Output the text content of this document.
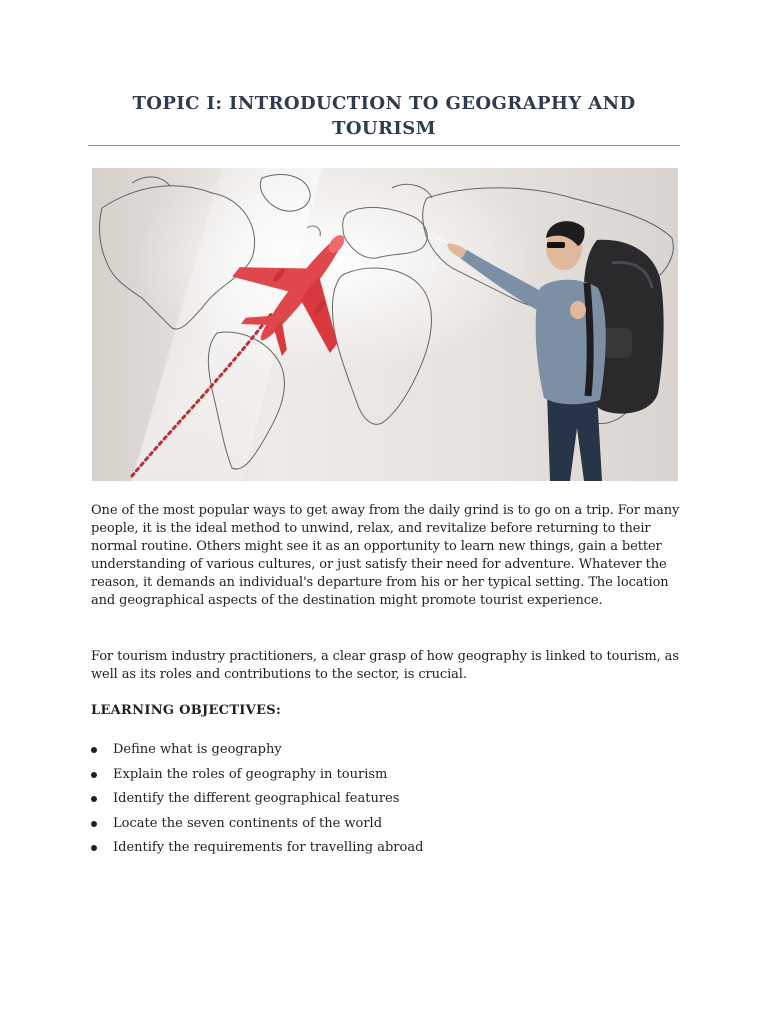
TOPIC I: INTRODUCTION TO GEOGRAPHY AND TOURISM

One of the most popular ways to get away from the daily grind is to go on a trip. For many people, it is the ideal method to unwind, relax, and revitalize before returning to their normal routine. Others might see it as an opportunity to learn new things, gain a better understanding of various cultures, or just satisfy their need for adventure. Whatever the reason, it demands an individual's departure from his or her typical setting. The location and geographical aspects of the destination might promote tourist experience.

For tourism industry practitioners, a clear grasp of how geography is linked to tourism, as well as its roles and contributions to the sector, is crucial.

LEARNING OBJECTIVES:
Define what is geography
Explain the roles of geography in tourism
Identify the different geographical features
Locate the seven continents of the world
Identify the requirements for travelling abroad
